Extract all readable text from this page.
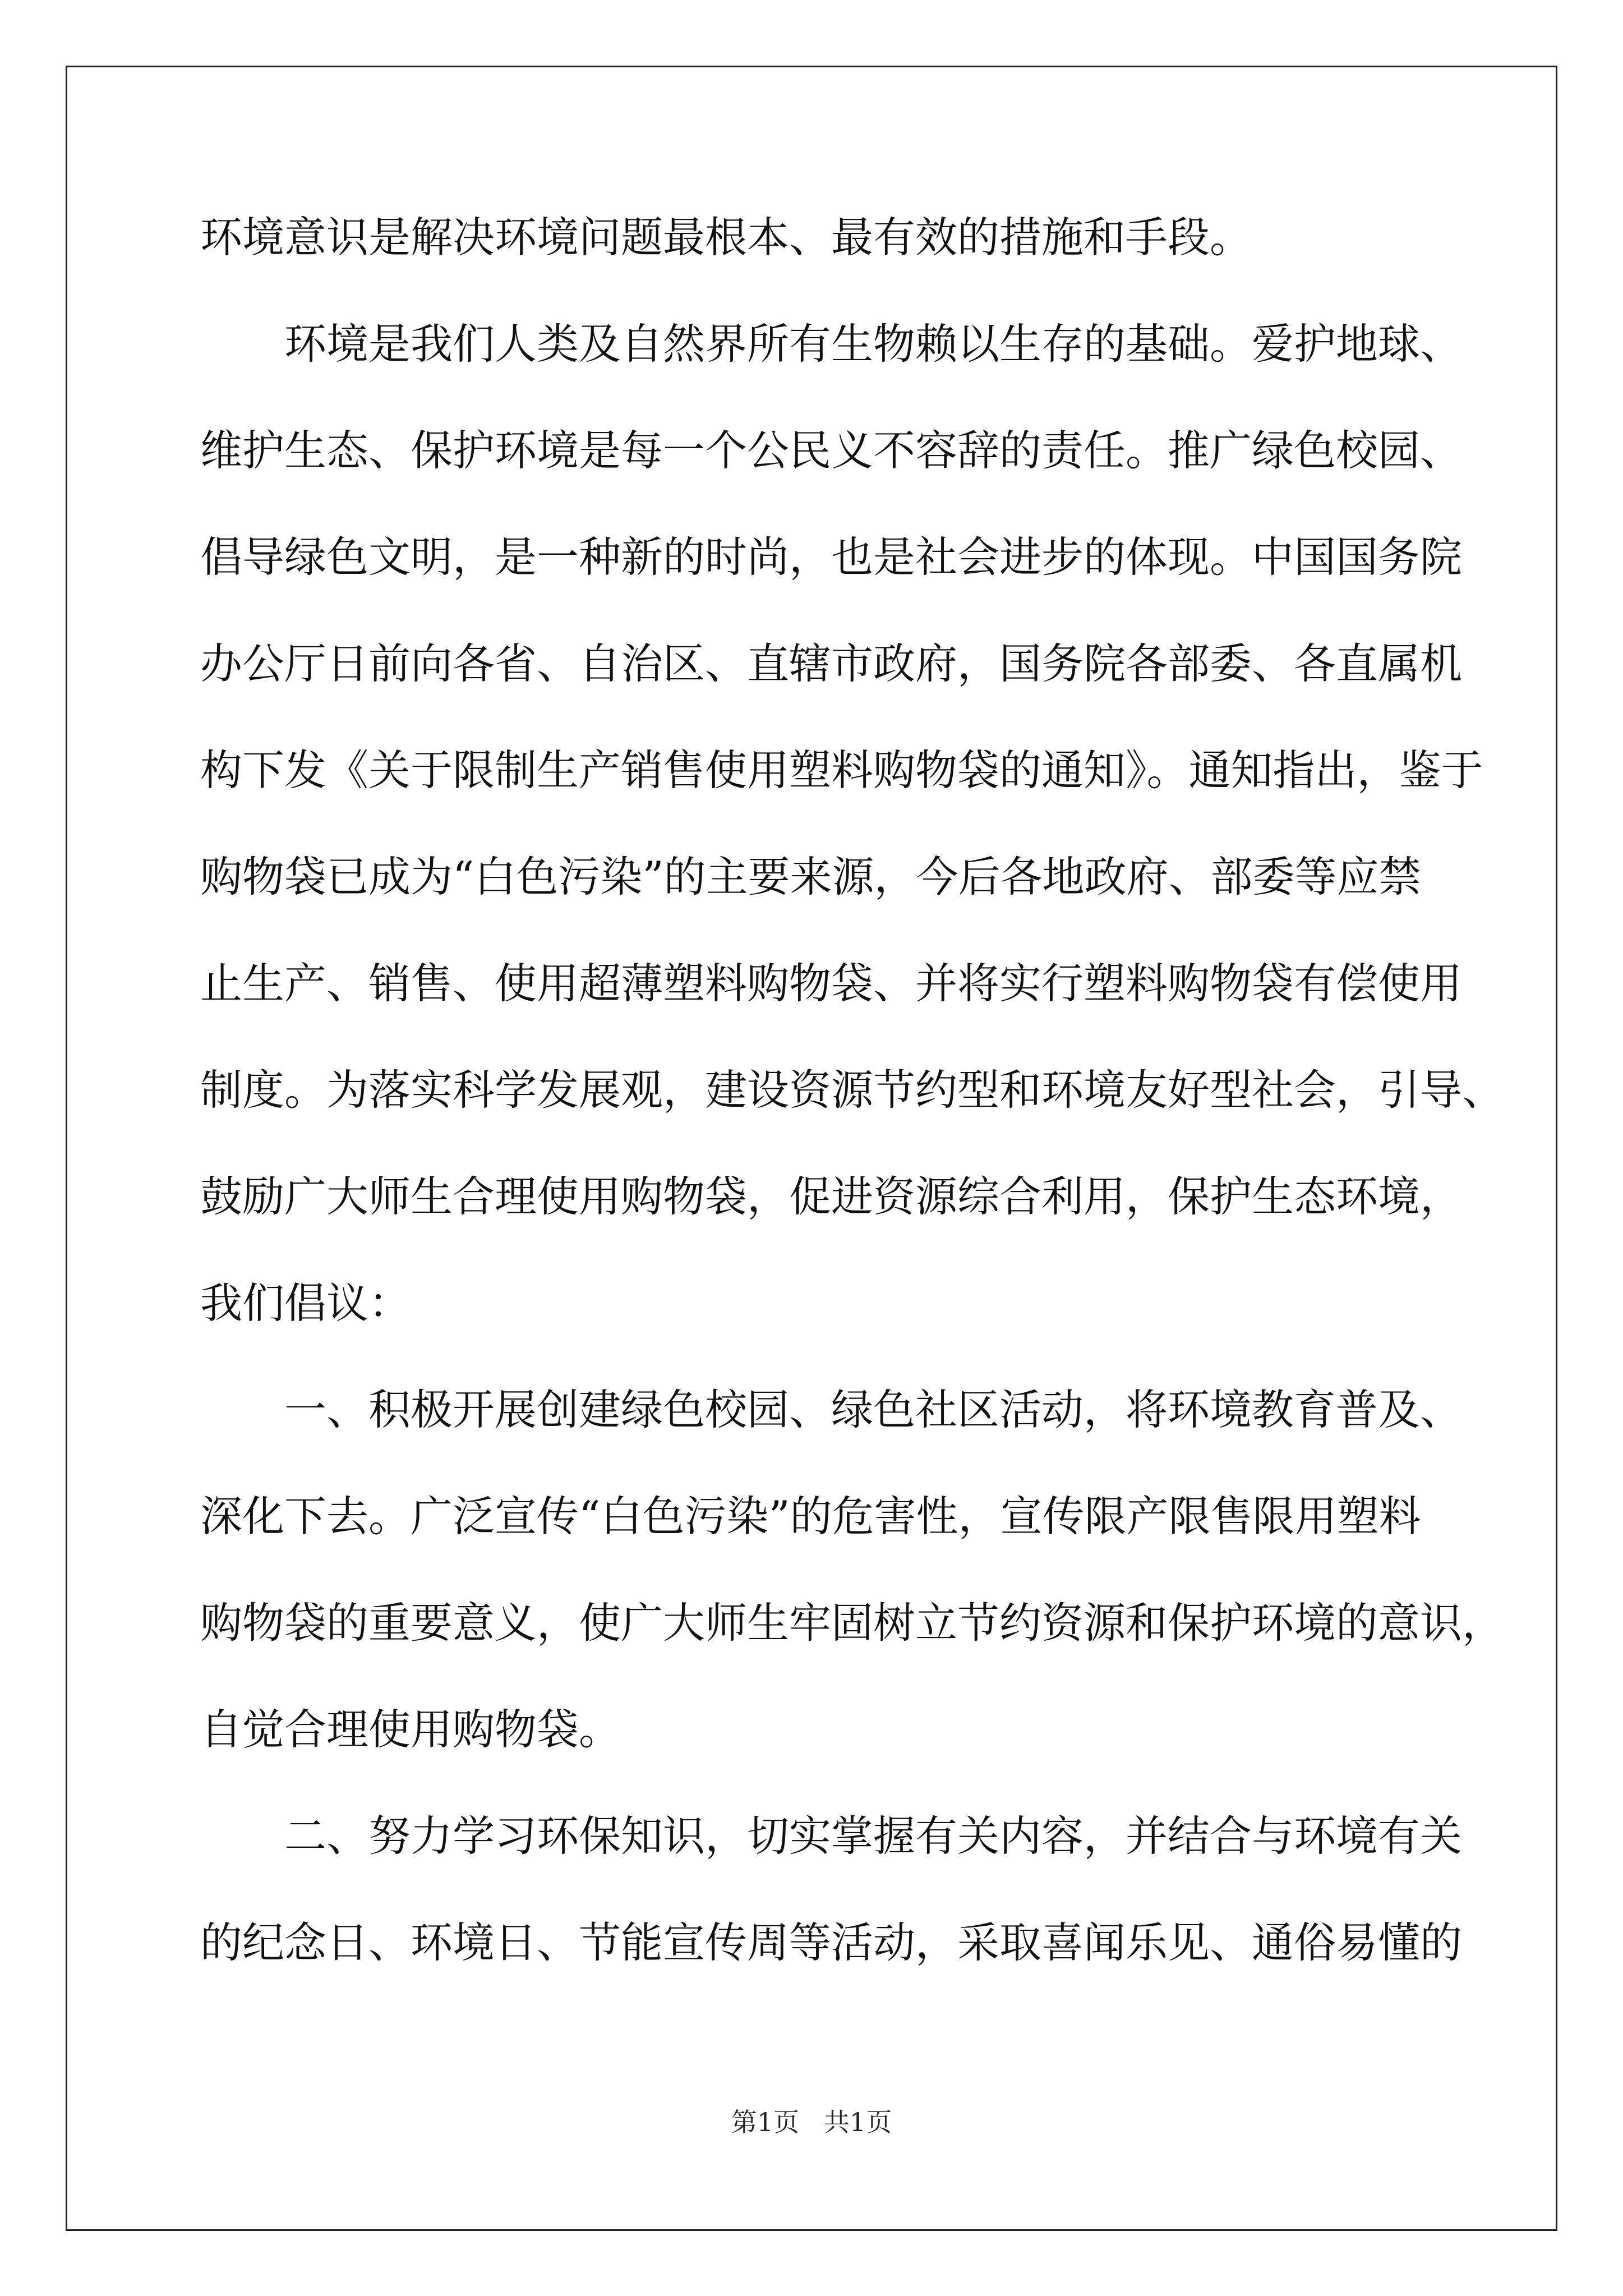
环境意识是解决环境问题最根本、最有效的措施和手段。
环境是我们人类及自然界所有生物赖以生存的基础。爱护地球、
维护生态、保护环境是每一个公民义不容辞的责任。推广绿色校园、
倡导绿色文明，是一种新的时尚，也是社会进步的体现。中国国务院
办公厅日前向各省、自治区、直辖市政府，国务院各部委、各直属机
构下发《关于限制生产销售使用塑料购物袋的通知》。通知指出，鉴于
购物袋已成为“白色污染”的主要来源，今后各地政府、部委等应禁
止生产、销售、使用超薄塑料购物袋、并将实行塑料购物袋有偿使用
制度。为落实科学发展观，建设资源节约型和环境友好型社会，引导、
鼓励广大师生合理使用购物袋，促进资源综合利用，保护生态环境，
我们倡议：
一、积极开展创建绿色校园、绿色社区活动，将环境教育普及、
深化下去。广泛宣传“白色污染”的危害性，宣传限产限售限用塑料
购物袋的重要意义，使广大师生牢固树立节约资源和保护环境的意识，
自觉合理使用购物袋。
二、努力学习环保知识，切实掌握有关内容，并结合与环境有关
的纪念日、环境日、节能宣传周等活动，采取喜闻乐见、通俗易懂的
第1页   共1页
